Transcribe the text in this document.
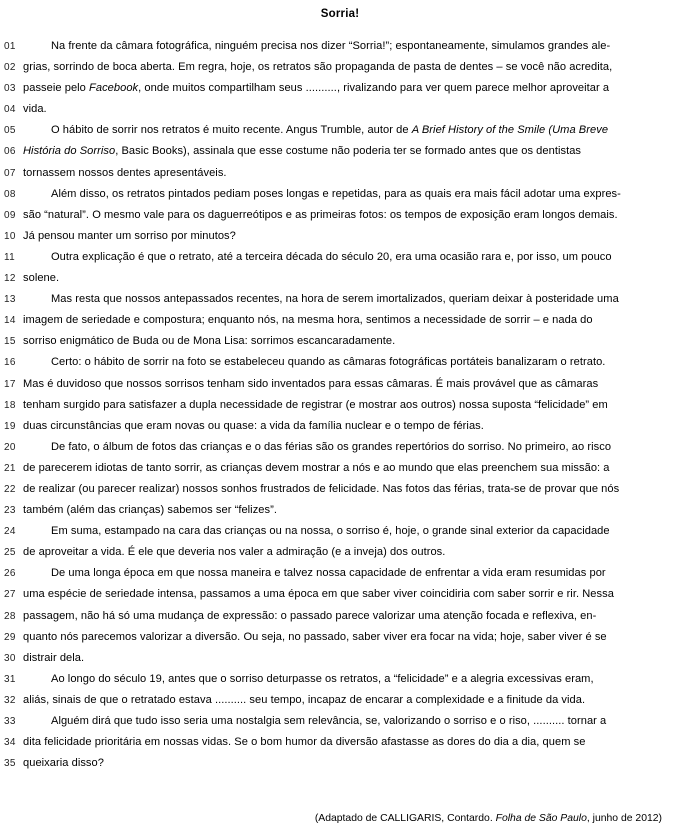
Sorria!
01	Na frente da câmara fotográfica, ninguém precisa nos dizer “Sorria!”; espontaneamente, simulamos grandes ale-
02 grias, sorrindo de boca aberta. Em regra, hoje, os retratos são propaganda de pasta de dentes – se você não acredita,
03 passeie pelo Facebook, onde muitos compartilham seus .........., rivalizando para ver quem parece melhor aproveitar a
04 vida.
05	O hábito de sorrir nos retratos é muito recente. Angus Trumble, autor de A Brief History of the Smile (Uma Breve
06 História do Sorriso, Basic Books), assinala que esse costume não poderia ter se formado antes que os dentistas
07 tornassem nossos dentes apresentáveis.
08	Além disso, os retratos pintados pediam poses longas e repetidas, para as quais era mais fácil adotar uma expres-
09 são “natural”. O mesmo vale para os daguerreótipos e as primeiras fotos: os tempos de exposição eram longos demais.
10 Já pensou manter um sorriso por minutos?
11	Outra explicação é que o retrato, até a terceira década do século 20, era uma ocasião rara e, por isso, um pouco
12 solene.
13	Mas resta que nossos antepassados recentes, na hora de serem imortalizados, queriam deixar à posteridade uma
14 imagem de seriedade e compostura; enquanto nós, na mesma hora, sentimos a necessidade de sorrir – e nada do
15 sorriso enigmático de Buda ou de Mona Lisa: sorrimos escancaradamente.
16	Certo: o hábito de sorrir na foto se estabeleceu quando as câmaras fotográficas portáteis banalizaram o retrato.
17 Mas é duvidoso que nossos sorrisos tenham sido inventados para essas câmaras. É mais provável que as câmaras
18 tenham surgido para satisfazer a dupla necessidade de registrar (e mostrar aos outros) nossa suposta “felicidade” em
19 duas circunstâncias que eram novas ou quase: a vida da família nuclear e o tempo de férias.
20	De fato, o álbum de fotos das crianças e o das férias são os grandes repertórios do sorriso. No primeiro, ao risco
21 de parecerem idiotas de tanto sorrir, as crianças devem mostrar a nós e ao mundo que elas preenchem sua missão: a
22 de realizar (ou parecer realizar) nossos sonhos frustrados de felicidade. Nas fotos das férias, trata-se de provar que nós
23 também (além das crianças) sabemos ser “felizes”.
24	Em suma, estampado na cara das crianças ou na nossa, o sorriso é, hoje, o grande sinal exterior da capacidade
25 de aproveitar a vida. É ele que deveria nos valer a admiração (e a inveja) dos outros.
26	De uma longa época em que nossa maneira e talvez nossa capacidade de enfrentar a vida eram resumidas por
27 uma espécie de seriedade intensa, passamos a uma época em que saber viver coincidiria com saber sorrir e rir. Nessa
28 passagem, não há só uma mudança de expressão: o passado parece valorizar uma atenção focada e reflexiva, en-
29 quanto nós parecemos valorizar a diversão. Ou seja, no passado, saber viver era focar na vida; hoje, saber viver é se
30 distrair dela.
31	Ao longo do século 19, antes que o sorriso deturpasse os retratos, a “felicidade” e a alegria excessivas eram,
32 aliás, sinais de que o retratado estava .......... seu tempo, incapaz de encarar a complexidade e a finitude da vida.
33	Alguém dirá que tudo isso seria uma nostalgia sem relevância, se, valorizando o sorriso e o riso, .......... tornar a
34 dita felicidade prioritária em nossas vidas. Se o bom humor da diversão afastasse as dores do dia a dia, quem se
35 queixaria disso?
(Adaptado de CALLIGARIS, Contardo. Folha de São Paulo, junho de 2012)
